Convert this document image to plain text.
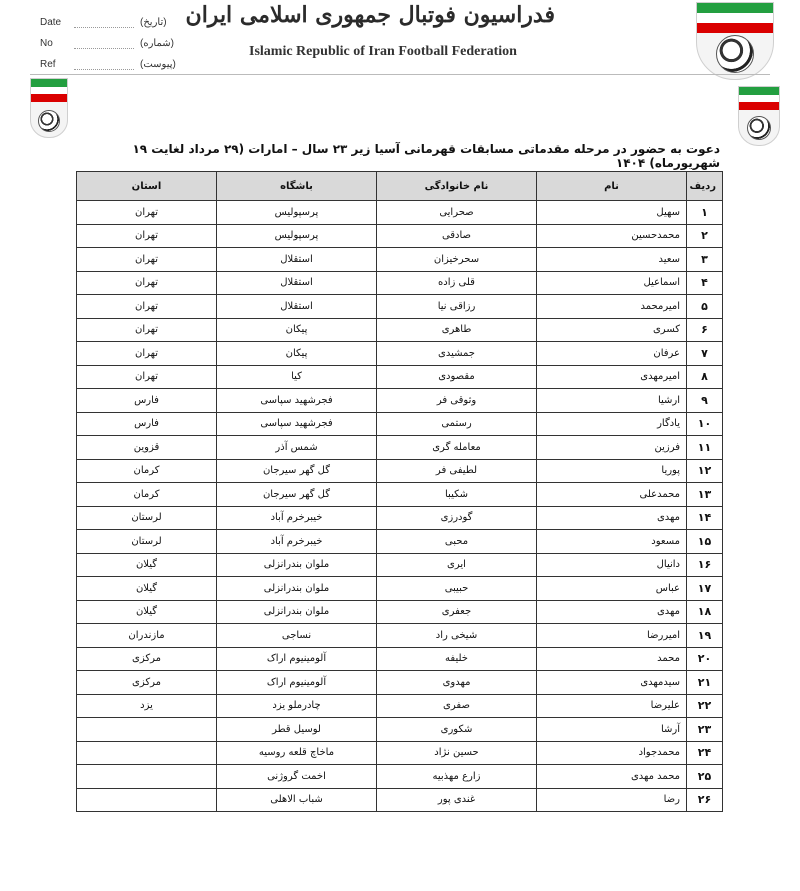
Date	(تاریخ)
No	(شماره)
Ref	(پیوست)
فدراسیون فوتبال جمهوری اسلامی ایران
Islamic Republic of Iran Football Federation
دعوت به حضور در مرحله مقدماتی مسابقات قهرمانی آسیا زیر ۲۳ سال – امارات (۲۹ مرداد لغایت ۱۹ شهریورماه) ۱۴۰۴
ردیف	نام	نام خانوادگی	باشگاه	استان
۱	سهیل	صحرایی	پرسپولیس	تهران
۲	محمدحسین	صادقی	پرسپولیس	تهران
۳	سعید	سحرخیزان	استقلال	تهران
۴	اسماعیل	قلی زاده	استقلال	تهران
۵	امیرمحمد	رزاقی نیا	استقلال	تهران
۶	کسری	طاهری	پیکان	تهران
۷	عرفان	جمشیدی	پیکان	تهران
۸	امیرمهدی	مقصودی	کیا	تهران
۹	ارشیا	وثوقی فر	فجرشهید سپاسی	فارس
۱۰	یادگار	رستمی	فجرشهید سپاسی	فارس
۱۱	فرزین	معامله گری	شمس آذر	قزوین
۱۲	پوریا	لطیفی فر	گل گهر سیرجان	کرمان
۱۳	محمدعلی	شکیبا	گل گهر سیرجان	کرمان
۱۴	مهدی	گودرزی	خیبرخرم آباد	لرستان
۱۵	مسعود	محبی	خیبرخرم آباد	لرستان
۱۶	دانیال	ایری	ملوان بندرانزلی	گیلان
۱۷	عباس	حبیبی	ملوان بندرانزلی	گیلان
۱۸	مهدی	جعفری	ملوان بندرانزلی	گیلان
۱۹	امیررضا	شیخی راد	نساجی	مازندران
۲۰	محمد	خلیفه	آلومینیوم اراک	مرکزی
۲۱	سیدمهدی	مهدوی	آلومینیوم اراک	مرکزی
۲۲	علیرضا	صفری	چادرملو یزد	یزد
۲۳	آرشا	شکوری	لوسیل قطر	
۲۴	محمدجواد	حسین نژاد	ماخاچ قلعه روسیه	
۲۵	محمد مهدی	زارع مهذبیه	اخمت گروژنی	
۲۶	رضا	غندی پور	شباب الاهلی	
